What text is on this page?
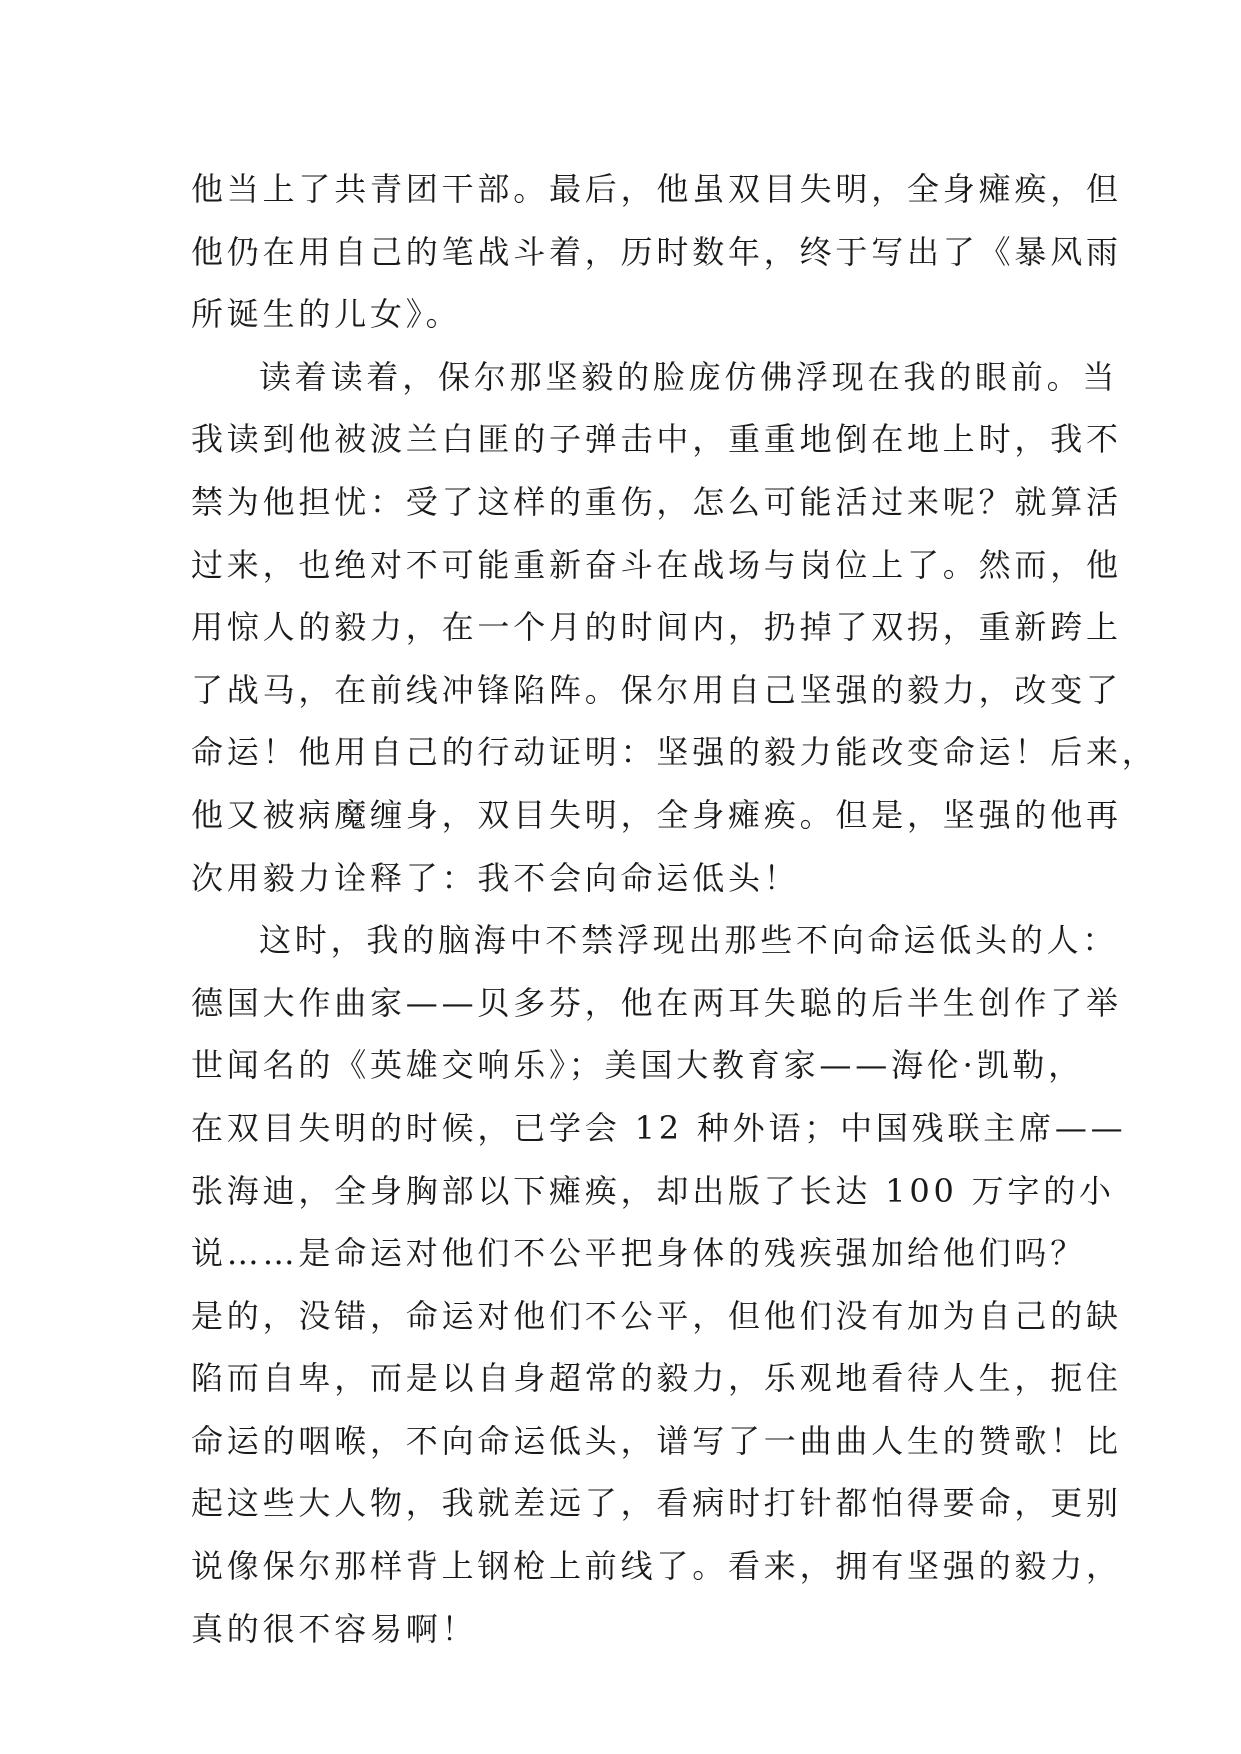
他当上了共青团干部。最后，他虽双目失明，全身瘫痪，但
他仍在用自己的笔战斗着，历时数年，终于写出了《暴风雨
所诞生的儿女》。
读着读着，保尔那坚毅的脸庞仿佛浮现在我的眼前。当
我读到他被波兰白匪的子弹击中，重重地倒在地上时，我不
禁为他担忧：受了这样的重伤，怎么可能活过来呢？就算活
过来，也绝对不可能重新奋斗在战场与岗位上了。然而，他
用惊人的毅力，在一个月的时间内，扔掉了双拐，重新跨上
了战马，在前线冲锋陷阵。保尔用自己坚强的毅力，改变了
命运！他用自己的行动证明：坚强的毅力能改变命运！后来，
他又被病魔缠身，双目失明，全身瘫痪。但是，坚强的他再
次用毅力诠释了：我不会向命运低头！
这时，我的脑海中不禁浮现出那些不向命运低头的人：
德国大作曲家——贝多芬，他在两耳失聪的后半生创作了举
世闻名的《英雄交响乐》；美国大教育家——海伦·凯勒，
在双目失明的时候，已学会 12 种外语；中国残联主席——
张海迪，全身胸部以下瘫痪，却出版了长达 100 万字的小
说……是命运对他们不公平把身体的残疾强加给他们吗？
是的，没错，命运对他们不公平，但他们没有加为自己的缺
陷而自卑，而是以自身超常的毅力，乐观地看待人生，扼住
命运的咽喉，不向命运低头，谱写了一曲曲人生的赞歌！比
起这些大人物，我就差远了，看病时打针都怕得要命，更别
说像保尔那样背上钢枪上前线了。看来，拥有坚强的毅力，
真的很不容易啊！
